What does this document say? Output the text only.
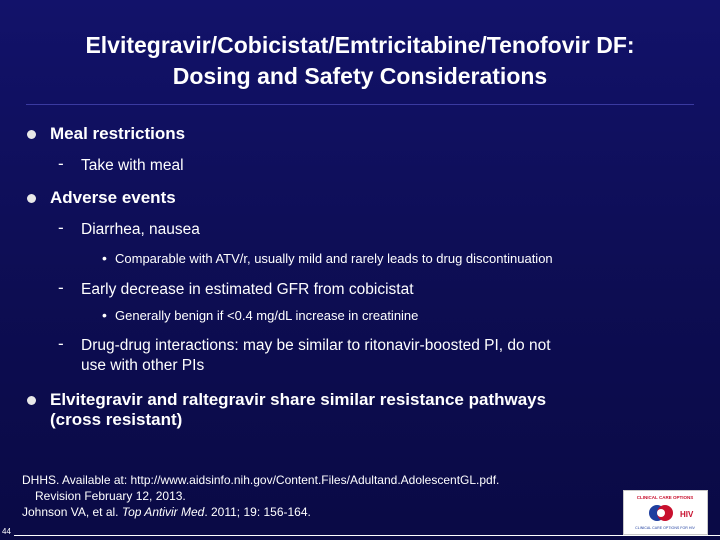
Elvitegravir/Cobicistat/Emtricitabine/Tenofovir DF:
Dosing and Safety Considerations
Meal restrictions
- Take with meal
Adverse events
- Diarrhea, nausea
• Comparable with ATV/r, usually mild and rarely leads to drug discontinuation
- Early decrease in estimated GFR from cobicistat
• Generally benign if <0.4 mg/dL increase in creatinine
- Drug-drug interactions: may be similar to ritonavir-boosted PI, do not
use with other PIs
Elvitegravir and raltegravir share similar resistance pathways
(cross resistant)
DHHS. Available at: http://www.aidsinfo.nih.gov/Content.Files/Adultand.AdolescentGL.pdf.
Revision February 12, 2013.
Johnson VA, et al. Top Antivir Med. 2011; 19: 156-164.
CLINICAL CARE OPTIONS
HIV
CLINICAL CARE OPTIONS FOR HIV
44
